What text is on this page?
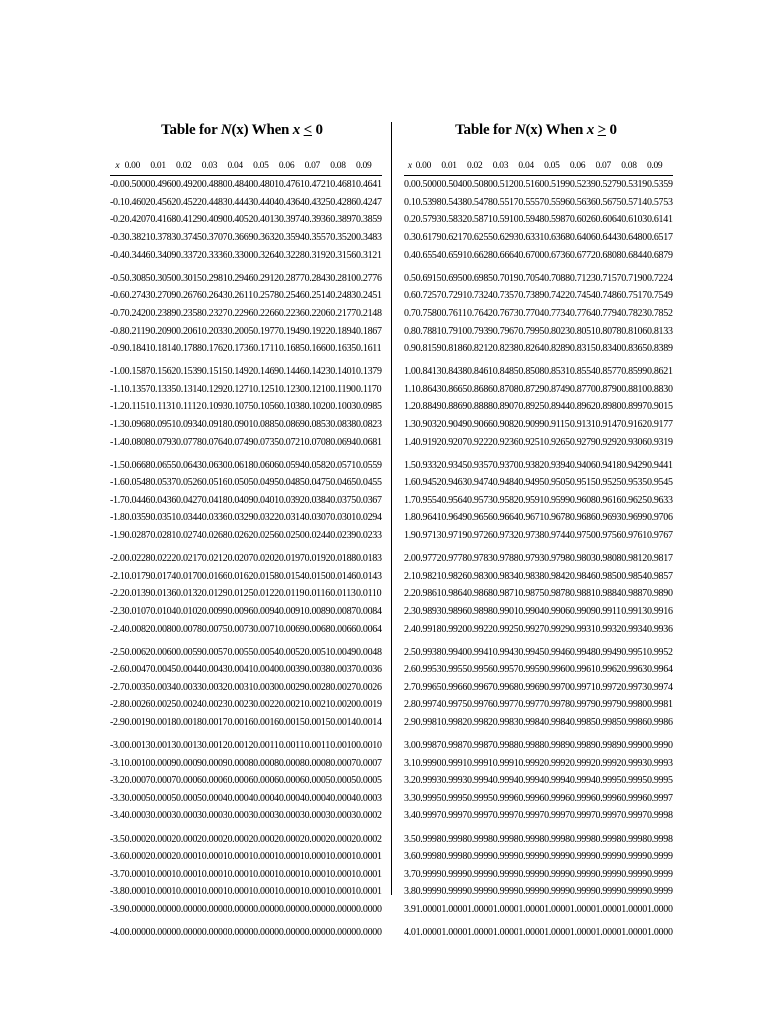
Table for N(x) When x < 0
x	0.00	0.01	0.02	0.03	0.04	0.05	0.06	0.07	0.08	0.09
-0.0	0.5000	0.4960	0.4920	0.4880	0.4840	0.4801	0.4761	0.4721	0.4681	0.4641
-0.1	0.4602	0.4562	0.4522	0.4483	0.4443	0.4404	0.4364	0.4325	0.4286	0.4247
-0.2	0.4207	0.4168	0.4129	0.4090	0.4052	0.4013	0.3974	0.3936	0.3897	0.3859
-0.3	0.3821	0.3783	0.3745	0.3707	0.3669	0.3632	0.3594	0.3557	0.3520	0.3483
-0.4	0.3446	0.3409	0.3372	0.3336	0.3300	0.3264	0.3228	0.3192	0.3156	0.3121
-0.5	0.3085	0.3050	0.3015	0.2981	0.2946	0.2912	0.2877	0.2843	0.2810	0.2776
-0.6	0.2743	0.2709	0.2676	0.2643	0.2611	0.2578	0.2546	0.2514	0.2483	0.2451
-0.7	0.2420	0.2389	0.2358	0.2327	0.2296	0.2266	0.2236	0.2206	0.2177	0.2148
-0.8	0.2119	0.2090	0.2061	0.2033	0.2005	0.1977	0.1949	0.1922	0.1894	0.1867
-0.9	0.1841	0.1814	0.1788	0.1762	0.1736	0.1711	0.1685	0.1660	0.1635	0.1611
-1.0	0.1587	0.1562	0.1539	0.1515	0.1492	0.1469	0.1446	0.1423	0.1401	0.1379
-1.1	0.1357	0.1335	0.1314	0.1292	0.1271	0.1251	0.1230	0.1210	0.1190	0.1170
-1.2	0.1151	0.1131	0.1112	0.1093	0.1075	0.1056	0.1038	0.1020	0.1003	0.0985
-1.3	0.0968	0.0951	0.0934	0.0918	0.0901	0.0885	0.0869	0.0853	0.0838	0.0823
-1.4	0.0808	0.0793	0.0778	0.0764	0.0749	0.0735	0.0721	0.0708	0.0694	0.0681
-1.5	0.0668	0.0655	0.0643	0.0630	0.0618	0.0606	0.0594	0.0582	0.0571	0.0559
-1.6	0.0548	0.0537	0.0526	0.0516	0.0505	0.0495	0.0485	0.0475	0.0465	0.0455
-1.7	0.0446	0.0436	0.0427	0.0418	0.0409	0.0401	0.0392	0.0384	0.0375	0.0367
-1.8	0.0359	0.0351	0.0344	0.0336	0.0329	0.0322	0.0314	0.0307	0.0301	0.0294
-1.9	0.0287	0.0281	0.0274	0.0268	0.0262	0.0256	0.0250	0.0244	0.0239	0.0233
-2.0	0.0228	0.0222	0.0217	0.0212	0.0207	0.0202	0.0197	0.0192	0.0188	0.0183
-2.1	0.0179	0.0174	0.0170	0.0166	0.0162	0.0158	0.0154	0.0150	0.0146	0.0143
-2.2	0.0139	0.0136	0.0132	0.0129	0.0125	0.0122	0.0119	0.0116	0.0113	0.0110
-2.3	0.0107	0.0104	0.0102	0.0099	0.0096	0.0094	0.0091	0.0089	0.0087	0.0084
-2.4	0.0082	0.0080	0.0078	0.0075	0.0073	0.0071	0.0069	0.0068	0.0066	0.0064
-2.5	0.0062	0.0060	0.0059	0.0057	0.0055	0.0054	0.0052	0.0051	0.0049	0.0048
-2.6	0.0047	0.0045	0.0044	0.0043	0.0041	0.0040	0.0039	0.0038	0.0037	0.0036
-2.7	0.0035	0.0034	0.0033	0.0032	0.0031	0.0030	0.0029	0.0028	0.0027	0.0026
-2.8	0.0026	0.0025	0.0024	0.0023	0.0023	0.0022	0.0021	0.0021	0.0020	0.0019
-2.9	0.0019	0.0018	0.0018	0.0017	0.0016	0.0016	0.0015	0.0015	0.0014	0.0014
-3.0	0.0013	0.0013	0.0013	0.0012	0.0012	0.0011	0.0011	0.0011	0.0010	0.0010
-3.1	0.0010	0.0009	0.0009	0.0009	0.0008	0.0008	0.0008	0.0008	0.0007	0.0007
-3.2	0.0007	0.0007	0.0006	0.0006	0.0006	0.0006	0.0006	0.0005	0.0005	0.0005
-3.3	0.0005	0.0005	0.0005	0.0004	0.0004	0.0004	0.0004	0.0004	0.0004	0.0003
-3.4	0.0003	0.0003	0.0003	0.0003	0.0003	0.0003	0.0003	0.0003	0.0003	0.0002
-3.5	0.0002	0.0002	0.0002	0.0002	0.0002	0.0002	0.0002	0.0002	0.0002	0.0002
-3.6	0.0002	0.0002	0.0001	0.0001	0.0001	0.0001	0.0001	0.0001	0.0001	0.0001
-3.7	0.0001	0.0001	0.0001	0.0001	0.0001	0.0001	0.0001	0.0001	0.0001	0.0001
-3.8	0.0001	0.0001	0.0001	0.0001	0.0001	0.0001	0.0001	0.0001	0.0001	0.0001
-3.9	0.0000	0.0000	0.0000	0.0000	0.0000	0.0000	0.0000	0.0000	0.0000	0.0000
-4.0	0.0000	0.0000	0.0000	0.0000	0.0000	0.0000	0.0000	0.0000	0.0000	0.0000
Table for N(x) When x > 0
x	0.00	0.01	0.02	0.03	0.04	0.05	0.06	0.07	0.08	0.09
0.0	0.5000	0.5040	0.5080	0.5120	0.5160	0.5199	0.5239	0.5279	0.5319	0.5359
0.1	0.5398	0.5438	0.5478	0.5517	0.5557	0.5596	0.5636	0.5675	0.5714	0.5753
0.2	0.5793	0.5832	0.5871	0.5910	0.5948	0.5987	0.6026	0.6064	0.6103	0.6141
0.3	0.6179	0.6217	0.6255	0.6293	0.6331	0.6368	0.6406	0.6443	0.6480	0.6517
0.4	0.6554	0.6591	0.6628	0.6664	0.6700	0.6736	0.6772	0.6808	0.6844	0.6879
0.5	0.6915	0.6950	0.6985	0.7019	0.7054	0.7088	0.7123	0.7157	0.7190	0.7224
0.6	0.7257	0.7291	0.7324	0.7357	0.7389	0.7422	0.7454	0.7486	0.7517	0.7549
0.7	0.7580	0.7611	0.7642	0.7673	0.7704	0.7734	0.7764	0.7794	0.7823	0.7852
0.8	0.7881	0.7910	0.7939	0.7967	0.7995	0.8023	0.8051	0.8078	0.8106	0.8133
0.9	0.8159	0.8186	0.8212	0.8238	0.8264	0.8289	0.8315	0.8340	0.8365	0.8389
1.0	0.8413	0.8438	0.8461	0.8485	0.8508	0.8531	0.8554	0.8577	0.8599	0.8621
1.1	0.8643	0.8665	0.8686	0.8708	0.8729	0.8749	0.8770	0.8790	0.8810	0.8830
1.2	0.8849	0.8869	0.8888	0.8907	0.8925	0.8944	0.8962	0.8980	0.8997	0.9015
1.3	0.9032	0.9049	0.9066	0.9082	0.9099	0.9115	0.9131	0.9147	0.9162	0.9177
1.4	0.9192	0.9207	0.9222	0.9236	0.9251	0.9265	0.9279	0.9292	0.9306	0.9319
1.5	0.9332	0.9345	0.9357	0.9370	0.9382	0.9394	0.9406	0.9418	0.9429	0.9441
1.6	0.9452	0.9463	0.9474	0.9484	0.9495	0.9505	0.9515	0.9525	0.9535	0.9545
1.7	0.9554	0.9564	0.9573	0.9582	0.9591	0.9599	0.9608	0.9616	0.9625	0.9633
1.8	0.9641	0.9649	0.9656	0.9664	0.9671	0.9678	0.9686	0.9693	0.9699	0.9706
1.9	0.9713	0.9719	0.9726	0.9732	0.9738	0.9744	0.9750	0.9756	0.9761	0.9767
2.0	0.9772	0.9778	0.9783	0.9788	0.9793	0.9798	0.9803	0.9808	0.9812	0.9817
2.1	0.9821	0.9826	0.9830	0.9834	0.9838	0.9842	0.9846	0.9850	0.9854	0.9857
2.2	0.9861	0.9864	0.9868	0.9871	0.9875	0.9878	0.9881	0.9884	0.9887	0.9890
2.3	0.9893	0.9896	0.9898	0.9901	0.9904	0.9906	0.9909	0.9911	0.9913	0.9916
2.4	0.9918	0.9920	0.9922	0.9925	0.9927	0.9929	0.9931	0.9932	0.9934	0.9936
2.5	0.9938	0.9940	0.9941	0.9943	0.9945	0.9946	0.9948	0.9949	0.9951	0.9952
2.6	0.9953	0.9955	0.9956	0.9957	0.9959	0.9960	0.9961	0.9962	0.9963	0.9964
2.7	0.9965	0.9966	0.9967	0.9968	0.9969	0.9970	0.9971	0.9972	0.9973	0.9974
2.8	0.9974	0.9975	0.9976	0.9977	0.9977	0.9978	0.9979	0.9979	0.9980	0.9981
2.9	0.9981	0.9982	0.9982	0.9983	0.9984	0.9984	0.9985	0.9985	0.9986	0.9986
3.0	0.9987	0.9987	0.9987	0.9988	0.9988	0.9989	0.9989	0.9989	0.9990	0.9990
3.1	0.9990	0.9991	0.9991	0.9991	0.9992	0.9992	0.9992	0.9992	0.9993	0.9993
3.2	0.9993	0.9993	0.9994	0.9994	0.9994	0.9994	0.9994	0.9995	0.9995	0.9995
3.3	0.9995	0.9995	0.9995	0.9996	0.9996	0.9996	0.9996	0.9996	0.9996	0.9997
3.4	0.9997	0.9997	0.9997	0.9997	0.9997	0.9997	0.9997	0.9997	0.9997	0.9998
3.5	0.9998	0.9998	0.9998	0.9998	0.9998	0.9998	0.9998	0.9998	0.9998	0.9998
3.6	0.9998	0.9998	0.9999	0.9999	0.9999	0.9999	0.9999	0.9999	0.9999	0.9999
3.7	0.9999	0.9999	0.9999	0.9999	0.9999	0.9999	0.9999	0.9999	0.9999	0.9999
3.8	0.9999	0.9999	0.9999	0.9999	0.9999	0.9999	0.9999	0.9999	0.9999	0.9999
3.9	1.0000	1.0000	1.0000	1.0000	1.0000	1.0000	1.0000	1.0000	1.0000	1.0000
4.0	1.0000	1.0000	1.0000	1.0000	1.0000	1.0000	1.0000	1.0000	1.0000	1.0000
